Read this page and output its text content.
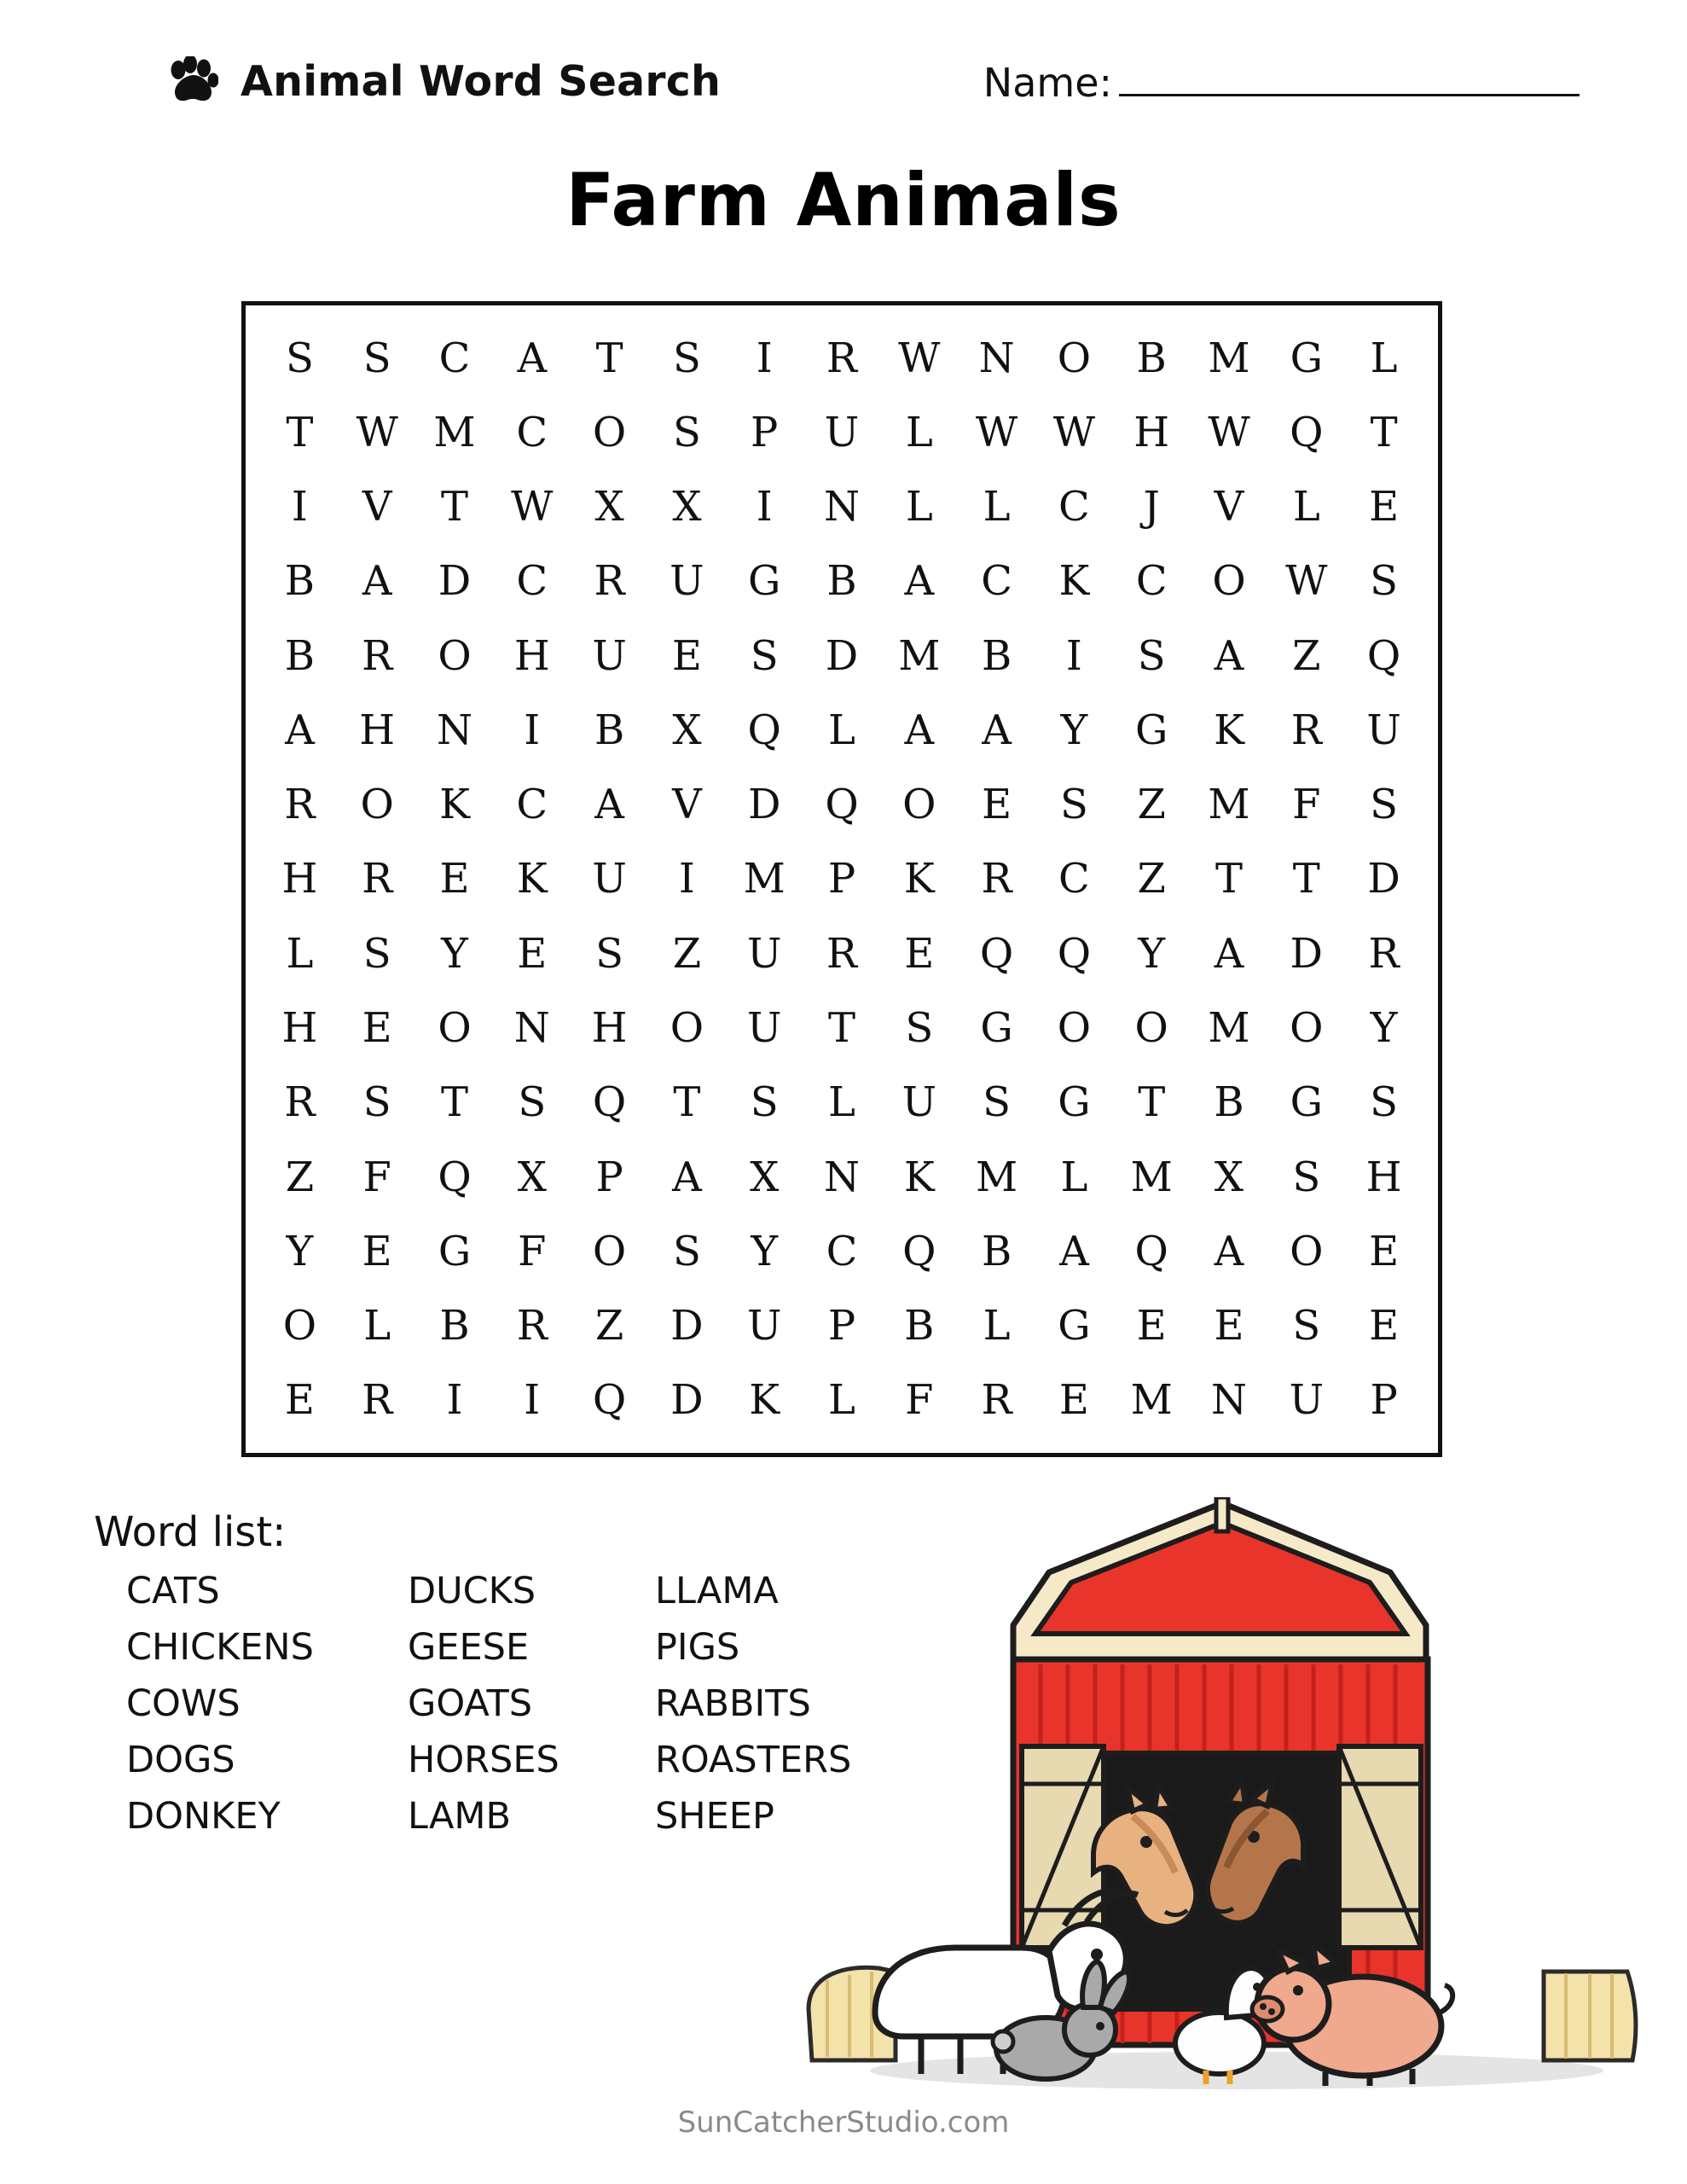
Animal Word Search	Name:
Farm Animals
S S C A T S I R W N O B M G L
T W M C O S P U L W W H W Q T
I V T W X X I N L L C J V L E
B A D C R U G B A C K C O W S
B R O H U E S D M B I S A Z Q
A H N I B X Q L A A Y G K R U
R O K C A V D Q O E S Z M F S
H R E K U I M P K R C Z T T D
L S Y E S Z U R E Q Q Y A D R
H E O N H O U T S G O O M O Y
R S T S Q T S L U S G T B G S
Z F Q X P A X N K M L M X S H
Y E G F O S Y C Q B A Q A O E
O L B R Z D U P B L G E E S E
E R I I Q D K L F R E M N U P
Word list:
CATS	DUCKS	LLAMA
CHICKENS	GEESE	PIGS
COWS	GOATS	RABBITS
DOGS	HORSES	ROASTERS
DONKEY	LAMB	SHEEP
SunCatcherStudio.com
